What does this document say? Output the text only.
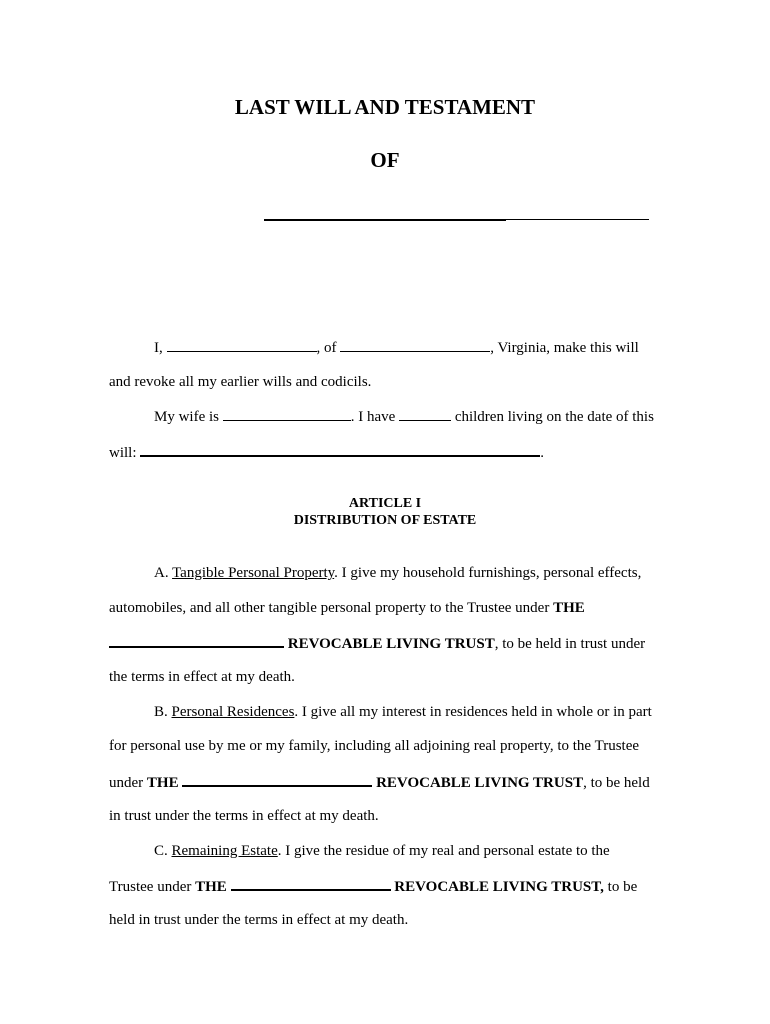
LAST WILL AND TESTAMENT
OF
I,	, of	, Virginia, make this will
and revoke all my earlier wills and codicils.
My wife is	. I have	children living on the date of this
will:	.
ARTICLE I
DISTRIBUTION OF ESTATE
A. Tangible Personal Property. I give my household furnishings, personal effects,
automobiles, and all other tangible personal property to the Trustee under THE
REVOCABLE LIVING TRUST, to be held in trust under
the terms in effect at my death.
B. Personal Residences. I give all my interest in residences held in whole or in part
for personal use by me or my family, including all adjoining real property, to the Trustee
under THE	REVOCABLE LIVING TRUST, to be held
in trust under the terms in effect at my death.
C. Remaining Estate. I give the residue of my real and personal estate to the
Trustee under THE	REVOCABLE LIVING TRUST, to be
held in trust under the terms in effect at my death.
